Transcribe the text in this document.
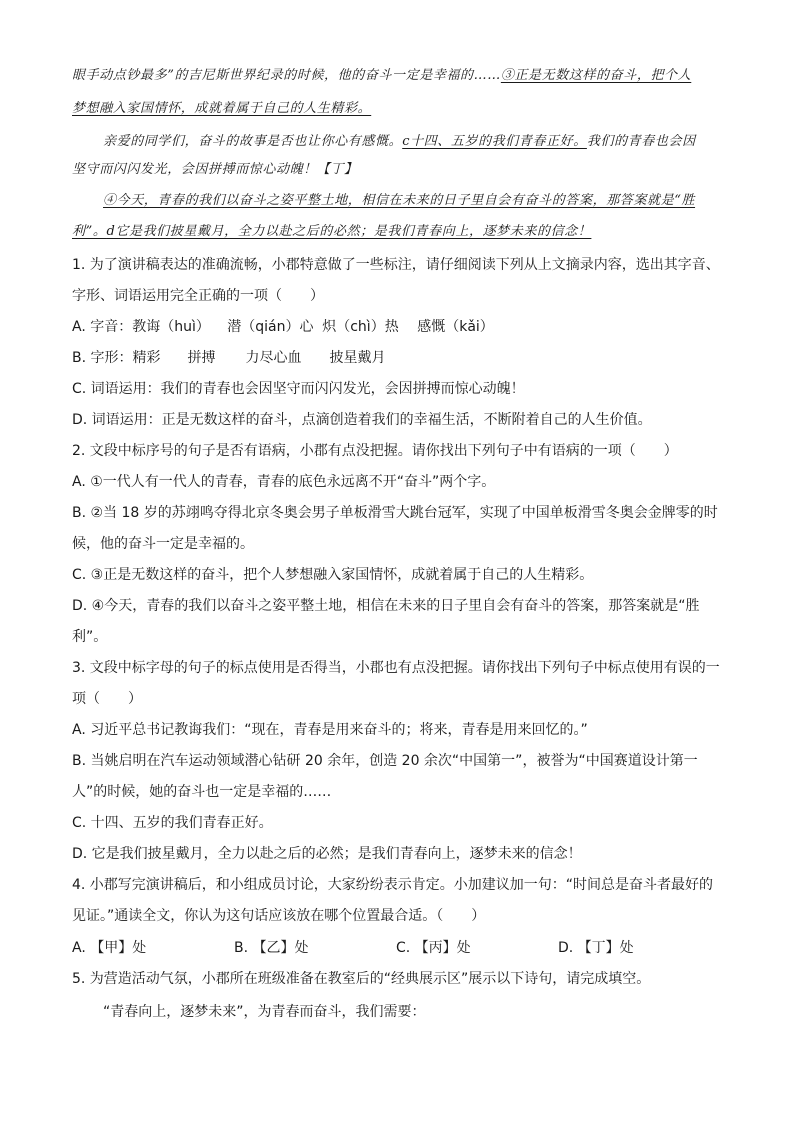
眼手动点钞最多”的吉尼斯世界纪录的时候，他的奋斗一定是幸福的……③正是无数这样的奋斗，把个人
梦想融入家国情怀，成就着属于自己的人生精彩。
亲爱的同学们，奋斗的故事是否也让你心有感慨。c十四、五岁的我们青春正好。我们的青春也会因
坚守而闪闪发光，会因拼搏而惊心动魄！【丁】
④今天，青春的我们以奋斗之姿平整土地，相信在未来的日子里自会有奋斗的答案，那答案就是“胜
利”。d它是我们披星戴月，全力以赴之后的必然；是我们青春向上，逐梦未来的信念！
1. 为了演讲稿表达的准确流畅，小郡特意做了一些标注，请仔细阅读下列从上文摘录内容，选出其字音、
字形、词语运用完全正确的一项（　　）
A. 字音：教诲（huì） 潜（qián）心 炽（chì）热 感慨（kǎi）
B. 字形：精彩 拼搏 力尽心血 披星戴月
C. 词语运用：我们的青春也会因坚守而闪闪发光，会因拼搏而惊心动魄！
D. 词语运用：正是无数这样的奋斗，点滴创造着我们的幸福生活，不断附着自己的人生价值。
2. 文段中标序号的句子是否有语病，小郡有点没把握。请你找出下列句子中有语病的一项（　　）
A. ①一代人有一代人的青春，青春的底色永远离不开“奋斗”两个字。
B. ②当 18 岁的苏翊鸣夺得北京冬奥会男子单板滑雪大跳台冠军，实现了中国单板滑雪冬奥会金牌零的时
候，他的奋斗一定是幸福的。
C. ③正是无数这样的奋斗，把个人梦想融入家国情怀，成就着属于自己的人生精彩。
D. ④今天，青春的我们以奋斗之姿平整土地，相信在未来的日子里自会有奋斗的答案，那答案就是“胜
利”。
3. 文段中标字母的句子的标点使用是否得当，小郡也有点没把握。请你找出下列句子中标点使用有误的一
项（　　）
A. 习近平总书记教诲我们：“现在，青春是用来奋斗的；将来，青春是用来回忆的。”
B. 当姚启明在汽车运动领域潜心钻研 20 余年，创造 20 余次“中国第一”，被誉为“中国赛道设计第一
人”的时候，她的奋斗也一定是幸福的……
C. 十四、五岁的我们青春正好。
D. 它是我们披星戴月，全力以赴之后的必然；是我们青春向上，逐梦未来的信念！
4. 小郡写完演讲稿后，和小组成员讨论，大家纷纷表示肯定。小加建议加一句：“时间总是奋斗者最好的
见证。”通读全文，你认为这句话应该放在哪个位置最合适。（　　）
A. 【甲】处	B. 【乙】处	C. 【丙】处	D. 【丁】处
5. 为营造活动气氛，小郡所在班级准备在教室后的“经典展示区”展示以下诗句，请完成填空。
“青春向上，逐梦未来”，为青春而奋斗，我们需要：
